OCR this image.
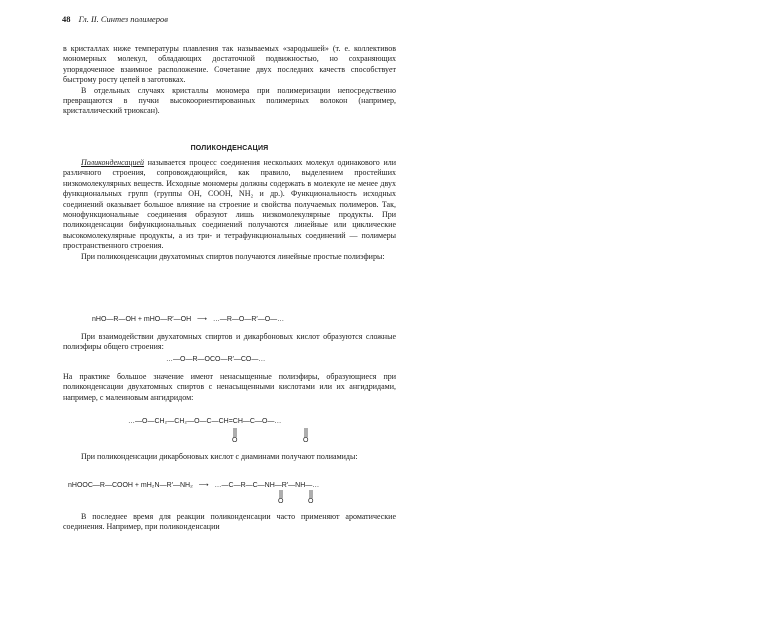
48 Гл. II. Синтез полимеров

в кристаллах ниже температуры плавления так называемых «зародышей» (т. е. коллективов мономерных молекул, обладающих достаточной подвижностью, но сохраняющих упорядоченное взаимное расположение. Сочетание двух последних качеств способствует быстрому росту цепей в заготовках.

В отдельных случаях кристаллы мономера при полимеризации непосредственно превращаются в пучки высокоориентированных полимерных волокон (например, кристаллический триоксан).

ПОЛИКОНДЕНСАЦИЯ

Поликонденсацией называется процесс соединения нескольких молекул одинакового или различного строения, сопровождающийся, как правило, выделением простейших низкомолекулярных веществ. Исходные мономеры должны содержать в молекуле не менее двух функциональных групп (группы ОН, СООН, NH₂ и др.). Функциональность исходных соединений оказывает большое влияние на строение и свойства получаемых полимеров. Так, монофункциональные соединения образуют лишь низкомолекулярные продукты. При поликонденсации бифункциональных соединений получаются линейные или циклические высокомолекулярные продукты, а из три- и тетрафункциональных соединений — полимеры пространственного строения.

При поликонденсации двухатомных спиртов получаются линейные простые полиэфиры:

nHO—R—OH + mHO—R′—OH ⟶ …—R—O—R′—O—…

При взаимодействии двухатомных спиртов и дикарбоновых кислот образуются сложные полиэфиры общего строения:

…—O—R—OCO—R′—CO—…

На практике большое значение имеют ненасыщенные полиэфиры, образующиеся при поликонденсации двухатомных спиртов с ненасыщенными кислотами или их ангидридами, например, с малеиновым ангидридом:

…—O—CH₂—CH₂—O—C—CH=CH—C—O—…
O	O

При поликонденсации дикарбоновых кислот с диаминами получают полиамиды:

nHOOC—R—COOH + mH₂N—R′—NH₂ ⟶ …—C—R—C—NH—R′—NH—…
O	O

В последнее время для реакции поликонденсации часто применяют ароматические соединения. Например, при поликонденсации
